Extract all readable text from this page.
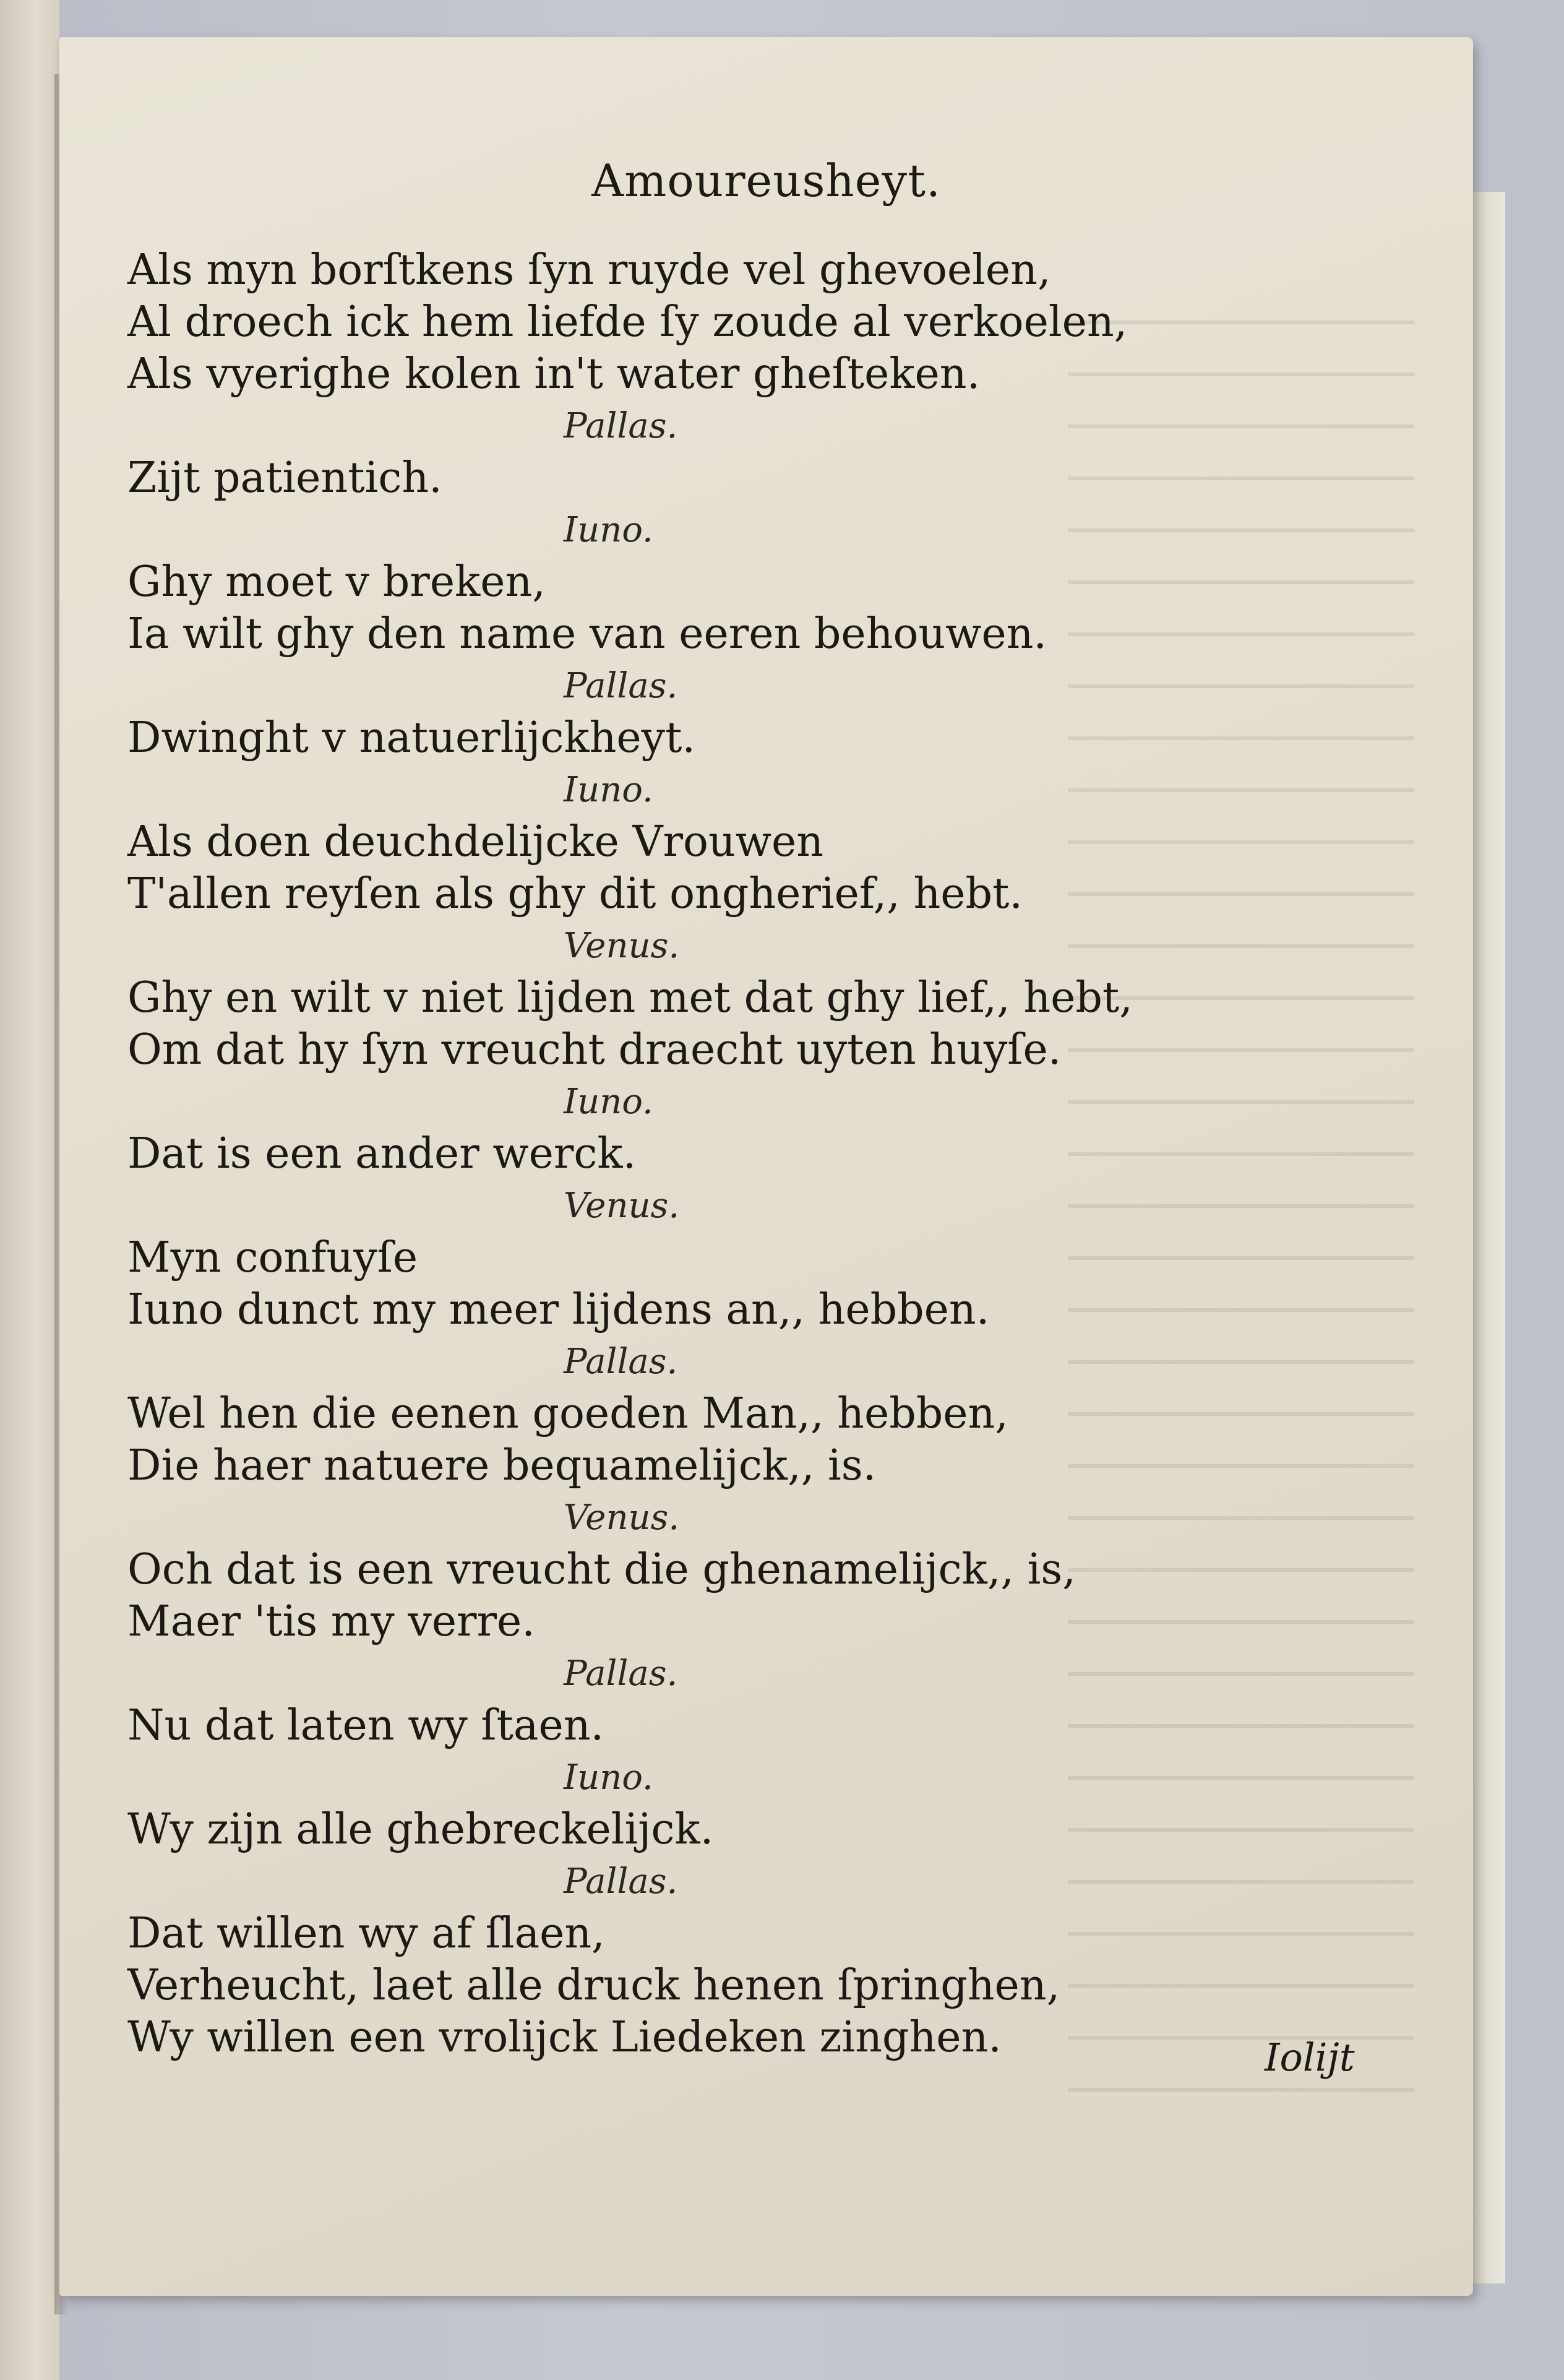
Amoureusheyt.
Als myn borſtkens ſyn ruyde vel ghevoelen,
Al droech ick hem liefde ſy zoude al verkoelen,
Als vyerighe kolen in't water gheſteken.
Pallas.
Zijt patientich.
Iuno.
Ghy moet v breken,
Ia wilt ghy den name van eeren behouwen.
Pallas.
Dwinght v natuerlijckheyt.
Iuno.
Als doen deuchdelijcke Vrouwen
T'allen reyſen als ghy dit ongherief,, hebt.
Venus.
Ghy en wilt v niet lijden met dat ghy lief,, hebt,
Om dat hy ſyn vreucht draecht uyten huyſe.
Iuno.
Dat is een ander werck.
Venus.
Myn confuyſe
Iuno dunct my meer lijdens an,, hebben.
Pallas.
Wel hen die eenen goeden Man,, hebben,
Die haer natuere bequamelijck,, is.
Venus.
Och dat is een vreucht die ghenamelijck,, is,
Maer 'tis my verre.
Pallas.
Nu dat laten wy ſtaen.
Iuno.
Wy zijn alle ghebreckelijck.
Pallas.
Dat willen wy af ſlaen,
Verheucht, laet alle druck henen ſpringhen,
Wy willen een vrolijck Liedeken zinghen.	Iolijt
